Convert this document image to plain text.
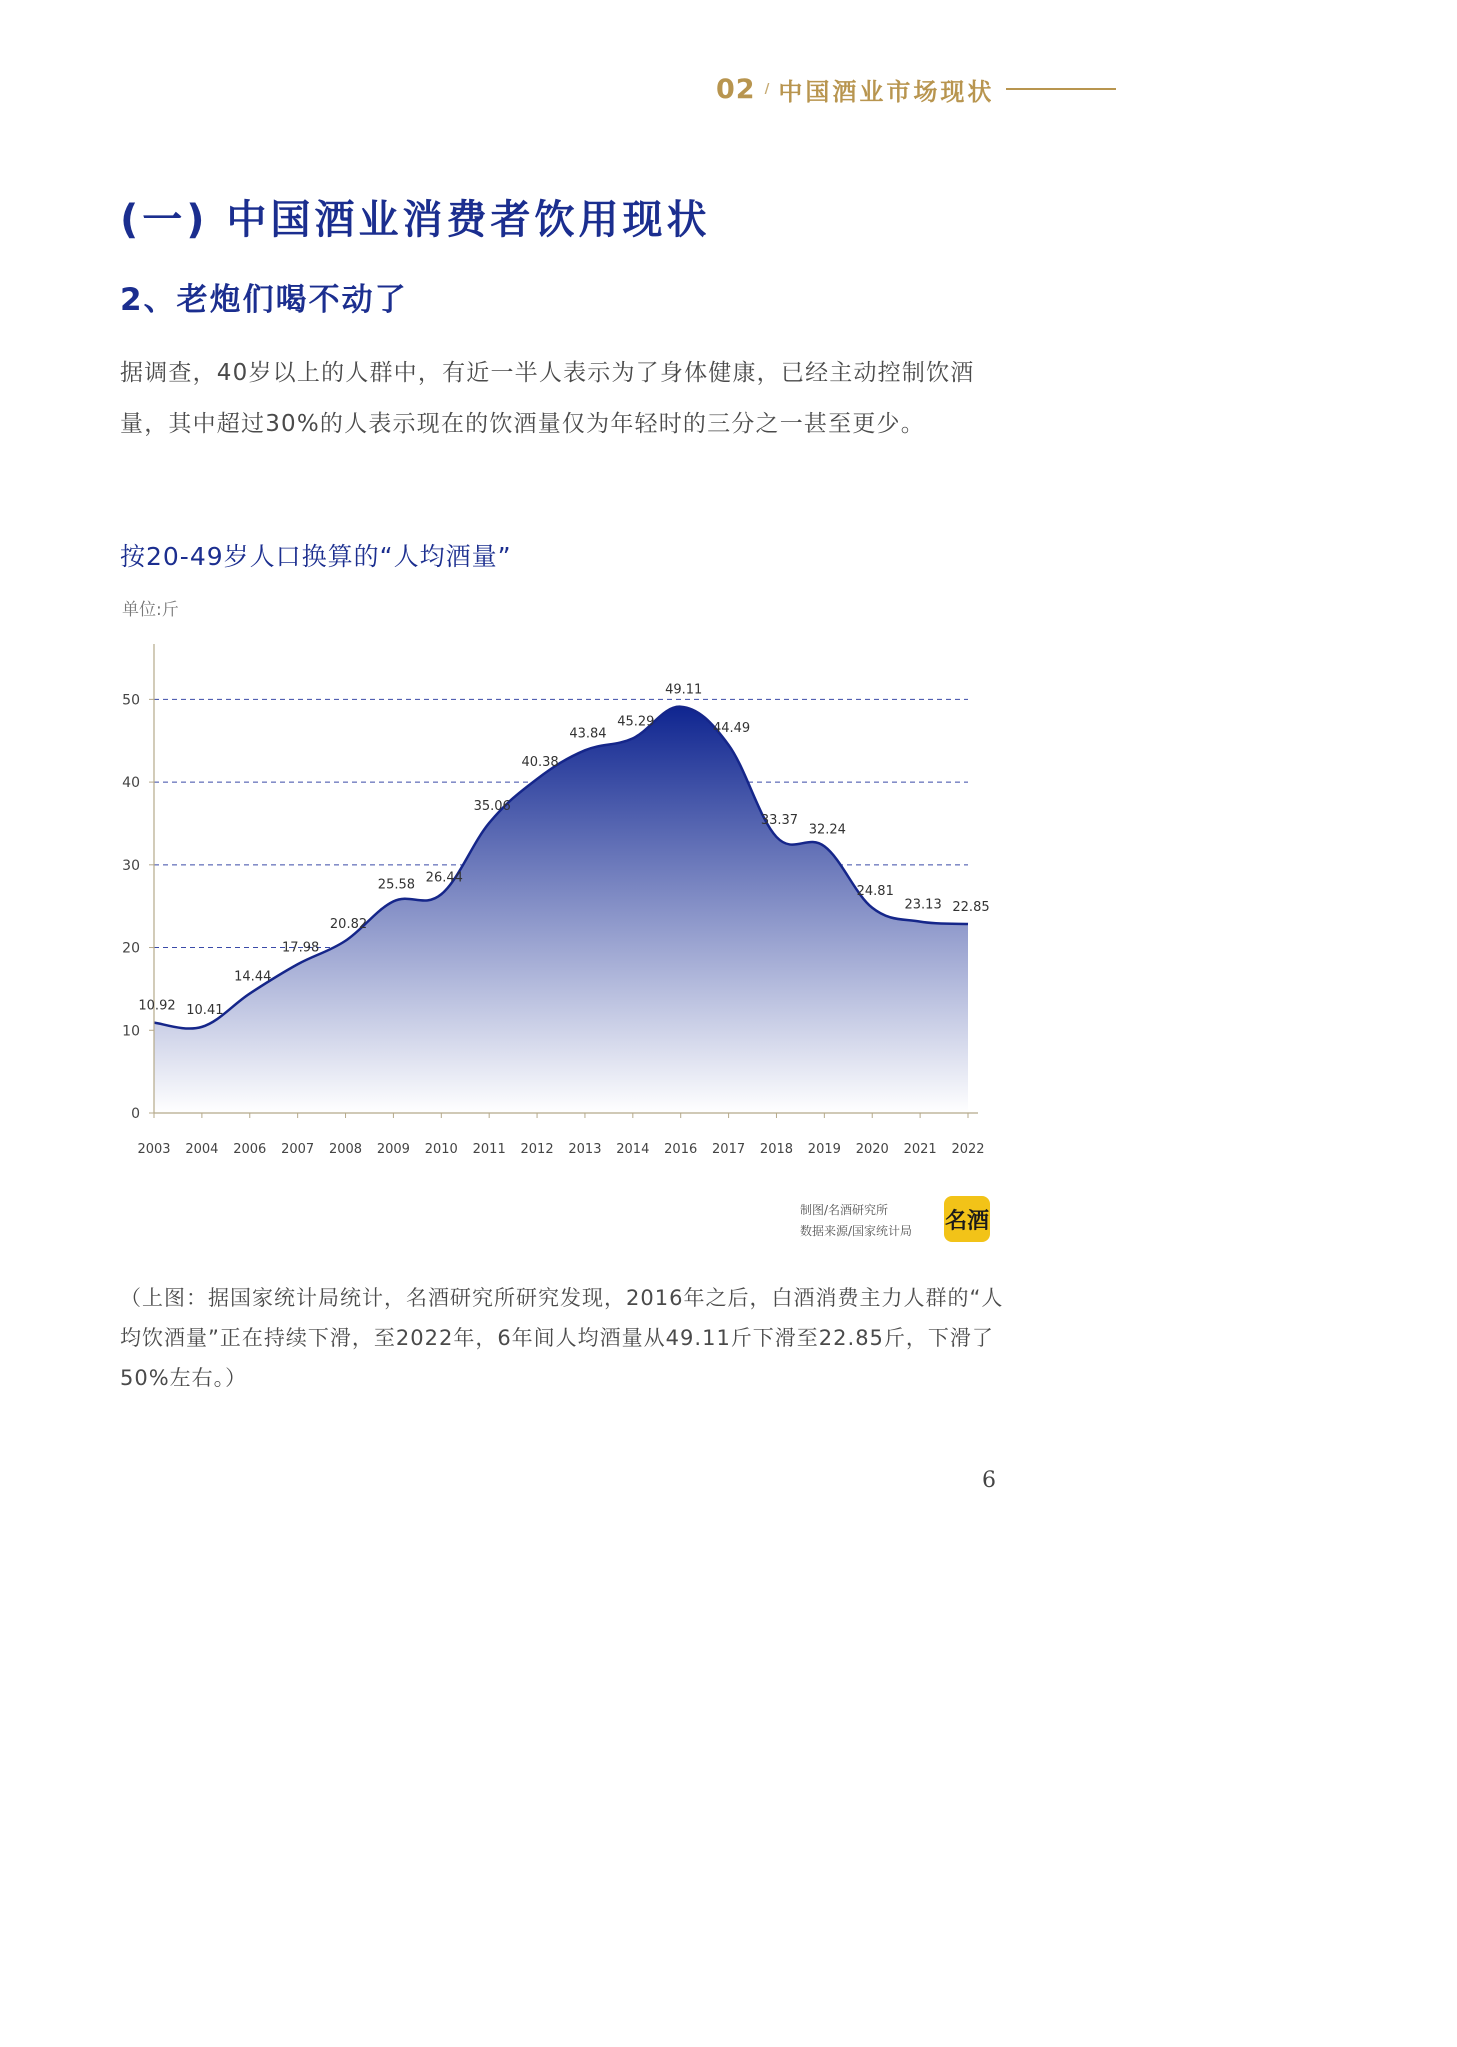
02 / 中国酒业市场现状
(一) 中国酒业消费者饮用现状
2、老炮们喝不动了
据调查，40岁以上的人群中，有近一半人表示为了身体健康，已经主动控制饮酒量，其中超过30%的人表示现在的饮酒量仅为年轻时的三分之一甚至更少。
按20-49岁人口换算的“人均酒量”
单位:斤
0
10
20
30
40
50
2003 2004 2006 2007 2008 2009 2010 2011 2012 2013 2014 2016 2017 2018 2019 2020 2021 2022
10.92 10.41
14.44
17.98
20.82
25.58 26.44
35.06
40.38
43.84
45.29
49.11
44.49
33.37
32.24
24.81
23.13 22.85
制图/名酒研究所
数据来源/国家统计局 名酒
（上图：据国家统计局统计，名酒研究所研究发现，2016年之后，白酒消费主力人群的“人均饮酒量”正在持续下滑，至2022年，6年间人均酒量从49.11斤下滑至22.85斤，下滑了50%左右。）
6
